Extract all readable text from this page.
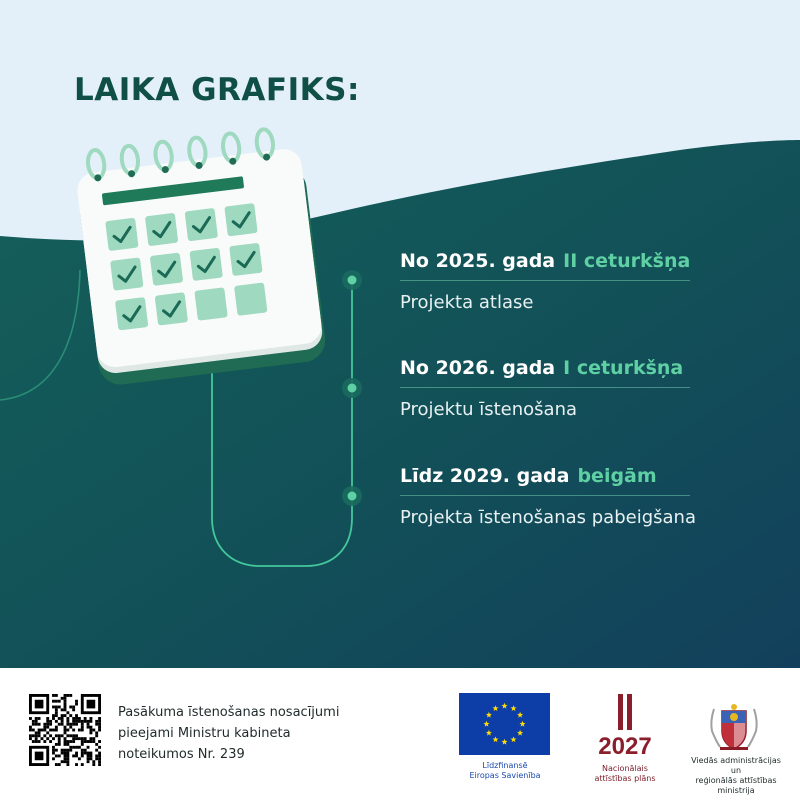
LAIKA GRAFIKS:
No 2025. gada II ceturkšņa
Projekta atlase
No 2026. gada I ceturkšņa
Projektu īstenošana
Līdz 2029. gada beigām
Projekta īstenošanas pabeigšana
Pasākuma īstenošanas nosacījumi
pieejami Ministru kabineta
noteikumos Nr. 239
Līdzfinansē
Eiropas Savienība
2027
Nacionālais
attīstības plāns
Viedās administrācijas un
reģionālās attīstības
ministrija
